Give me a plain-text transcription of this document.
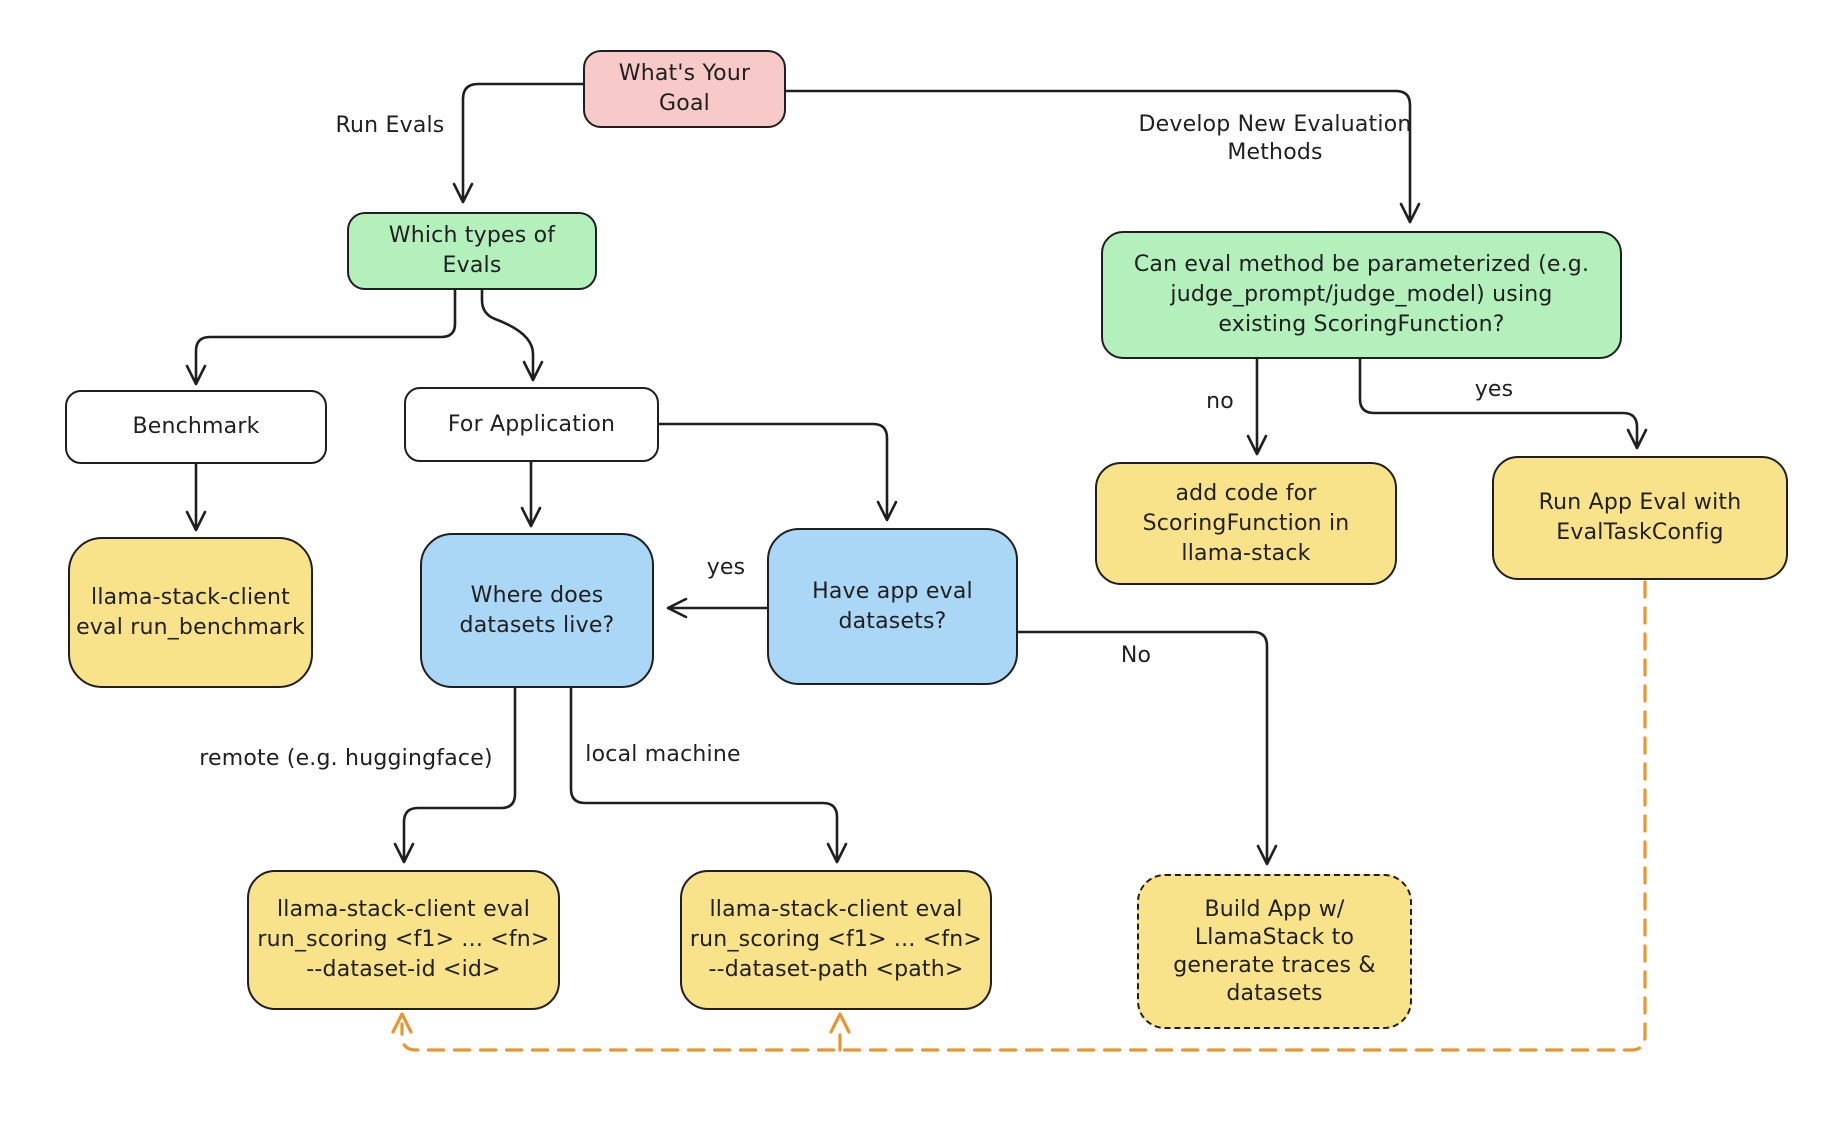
What's Your
Goal
Which types of
Evals	Can eval method be parameterized (e.g.
judge_prompt/judge_model) using
existing ScoringFunction?
Benchmark	For Application
llama-stack-client
eval run_benchmark
Where does
datasets live?
Have app eval
datasets?
add code for
ScoringFunction in
llama-stack
Run App Eval with
EvalTaskConfig
llama-stack-client eval
run_scoring <f1> ... <fn>
--dataset-id <id>
llama-stack-client eval
run_scoring <f1> ... <fn>
--dataset-path <path>
Build App w/
LlamaStack to
generate traces &
datasets
Run Evals	Develop New Evaluation
Methods
no	yes
yes
No
remote (e.g. huggingface)	local machine
